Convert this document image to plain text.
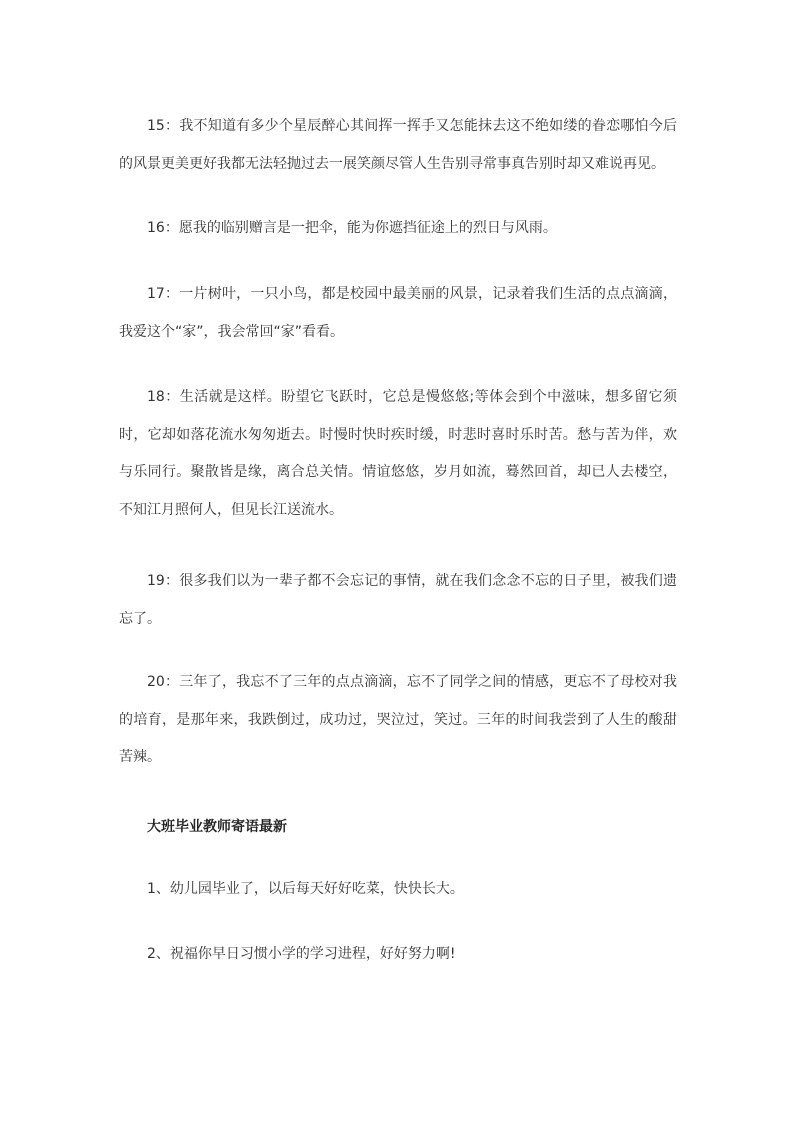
15：我不知道有多少个星辰醉心其间挥一挥手又怎能抹去这不绝如缕的眷恋哪怕今后的风景更美更好我都无法轻抛过去一展笑颜尽管人生告别寻常事真告别时却又难说再见。

16：愿我的临别赠言是一把伞，能为你遮挡征途上的烈日与风雨。

17：一片树叶，一只小鸟，都是校园中最美丽的风景，记录着我们生活的点点滴滴，我爱这个“家”，我会常回“家”看看。

18：生活就是这样。盼望它飞跃时，它总是慢悠悠;等体会到个中滋味，想多留它须时，它却如落花流水匆匆逝去。时慢时快时疾时缓，时悲时喜时乐时苦。愁与苦为伴，欢与乐同行。聚散皆是缘，离合总关情。情谊悠悠，岁月如流，蓦然回首，却已人去楼空，不知江月照何人，但见长江送流水。

19：很多我们以为一辈子都不会忘记的事情，就在我们念念不忘的日子里，被我们遗忘了。

20：三年了，我忘不了三年的点点滴滴，忘不了同学之间的情感，更忘不了母校对我的培育，是那年来，我跌倒过，成功过，哭泣过，笑过。三年的时间我尝到了人生的酸甜苦辣。

大班毕业教师寄语最新

1、幼儿园毕业了，以后每天好好吃菜，快快长大。

2、祝福你早日习惯小学的学习进程，好好努力啊!
